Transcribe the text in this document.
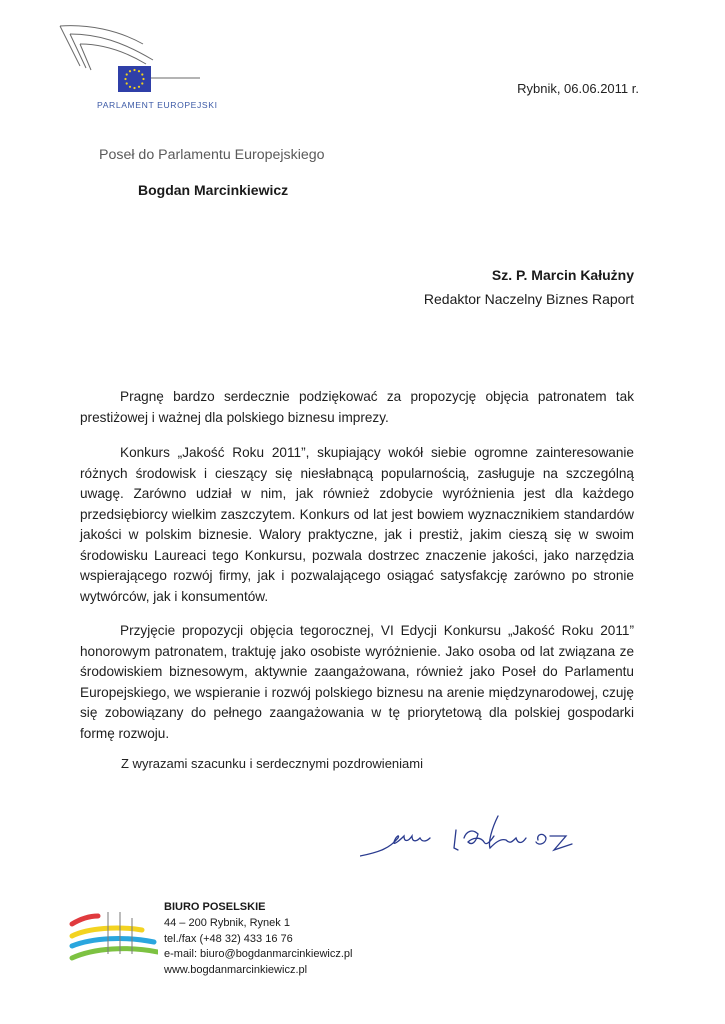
PARLAMENT EUROPEJSKI
Rybnik, 06.06.2011 r.
Poseł do Parlamentu Europejskiego
Bogdan Marcinkiewicz
Sz. P. Marcin Kałużny
Redaktor Naczelny Biznes Raport
Pragnę bardzo serdecznie podziękować za propozycję objęcia patronatem tak prestiżowej i ważnej dla polskiego biznesu imprezy.
Konkurs „Jakość Roku 2011”, skupiający wokół siebie ogromne zainteresowanie różnych środowisk i cieszący się niesłabnącą popularnością, zasługuje na szczególną uwagę. Zarówno udział w nim, jak również zdobycie wyróżnienia jest dla każdego przedsiębiorcy wielkim zaszczytem. Konkurs od lat jest bowiem wyznacznikiem standardów jakości w polskim biznesie. Walory praktyczne, jak i prestiż, jakim cieszą się w swoim środowisku Laureaci tego Konkursu, pozwala dostrzec znaczenie jakości, jako narzędzia wspierającego rozwój firmy, jak i pozwalającego osiągać satysfakcję zarówno po stronie wytwórców, jak i konsumentów.
Przyjęcie propozycji objęcia tegorocznej, VI Edycji Konkursu „Jakość Roku 2011” honorowym patronatem, traktuję jako osobiste wyróżnienie. Jako osoba od lat związana ze środowiskiem biznesowym, aktywnie zaangażowana, również jako Poseł do Parlamentu Europejskiego, we wspieranie i rozwój polskiego biznesu na arenie międzynarodowej, czuję się zobowiązany do pełnego zaangażowania w tę priorytetową dla polskiej gospodarki formę rozwoju.
Z wyrazami szacunku i serdecznymi pozdrowieniami
BIURO POSELSKIE
44 – 200 Rybnik, Rynek 1
tel./fax (+48 32) 433 16 76
e-mail: biuro@bogdanmarcinkiewicz.pl
www.bogdanmarcinkiewicz.pl
